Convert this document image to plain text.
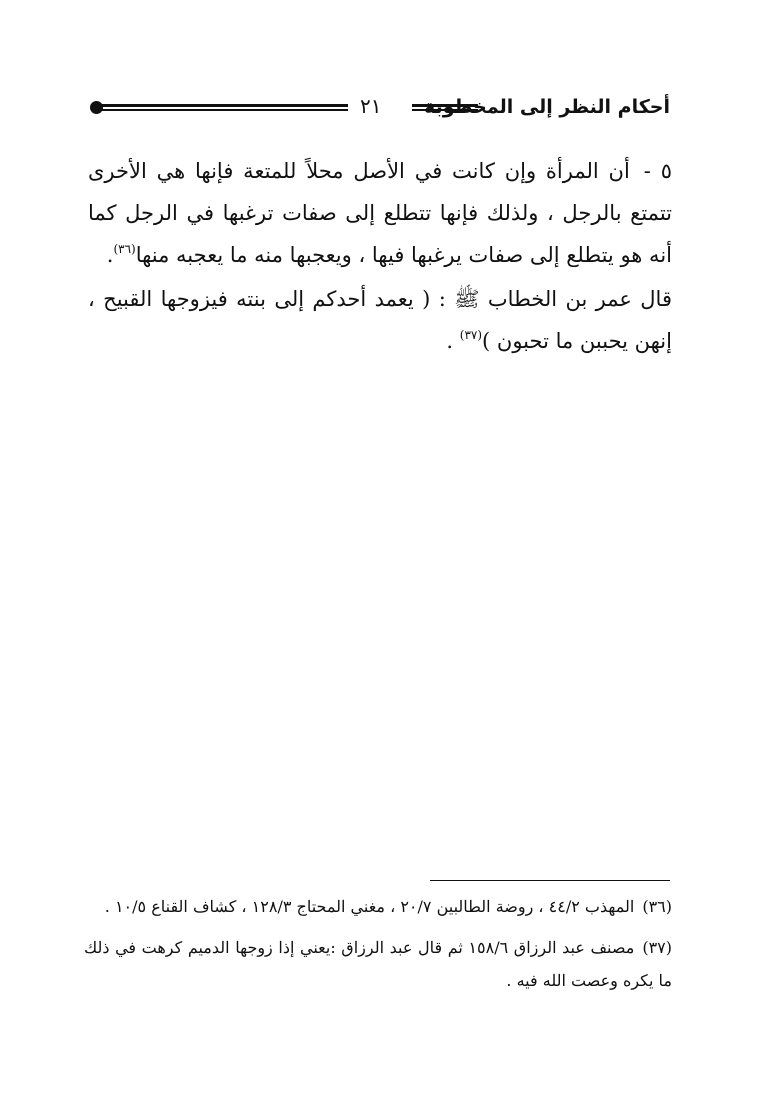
أحكام النظر إلى المخطوبة
٢١

٥ -أن المرأة وإن كانت في الأصل محلاً للمتعة فإنها هي الأخرى تتمتع بالرجل ، ولذلك فإنها تتطلع إلى صفات ترغبها في الرجل كما أنه هو يتطلع إلى صفات يرغبها فيها ، ويعجبها منه ما يعجبه منها$^{(٣٦)}$.

قال عمر بن الخطاب ﷺ : ( يعمد أحدكم إلى بنته فيزوجها القبيح ، إنهن يحببن ما تحبون )$^{(٣٧)}$ .

(٣٦)المهذب ٤٤/٢ ، روضة الطالبين ٢٠/٧ ، مغني المحتاج ١٢٨/٣ ، كشاف القناع ١٠/٥ .

(٣٧)مصنف عبد الرزاق ١٥٨/٦ ثم قال عبد الرزاق :يعني إذا زوجها الدميم كرهت في ذلك ما يكره وعصت الله فيه .
